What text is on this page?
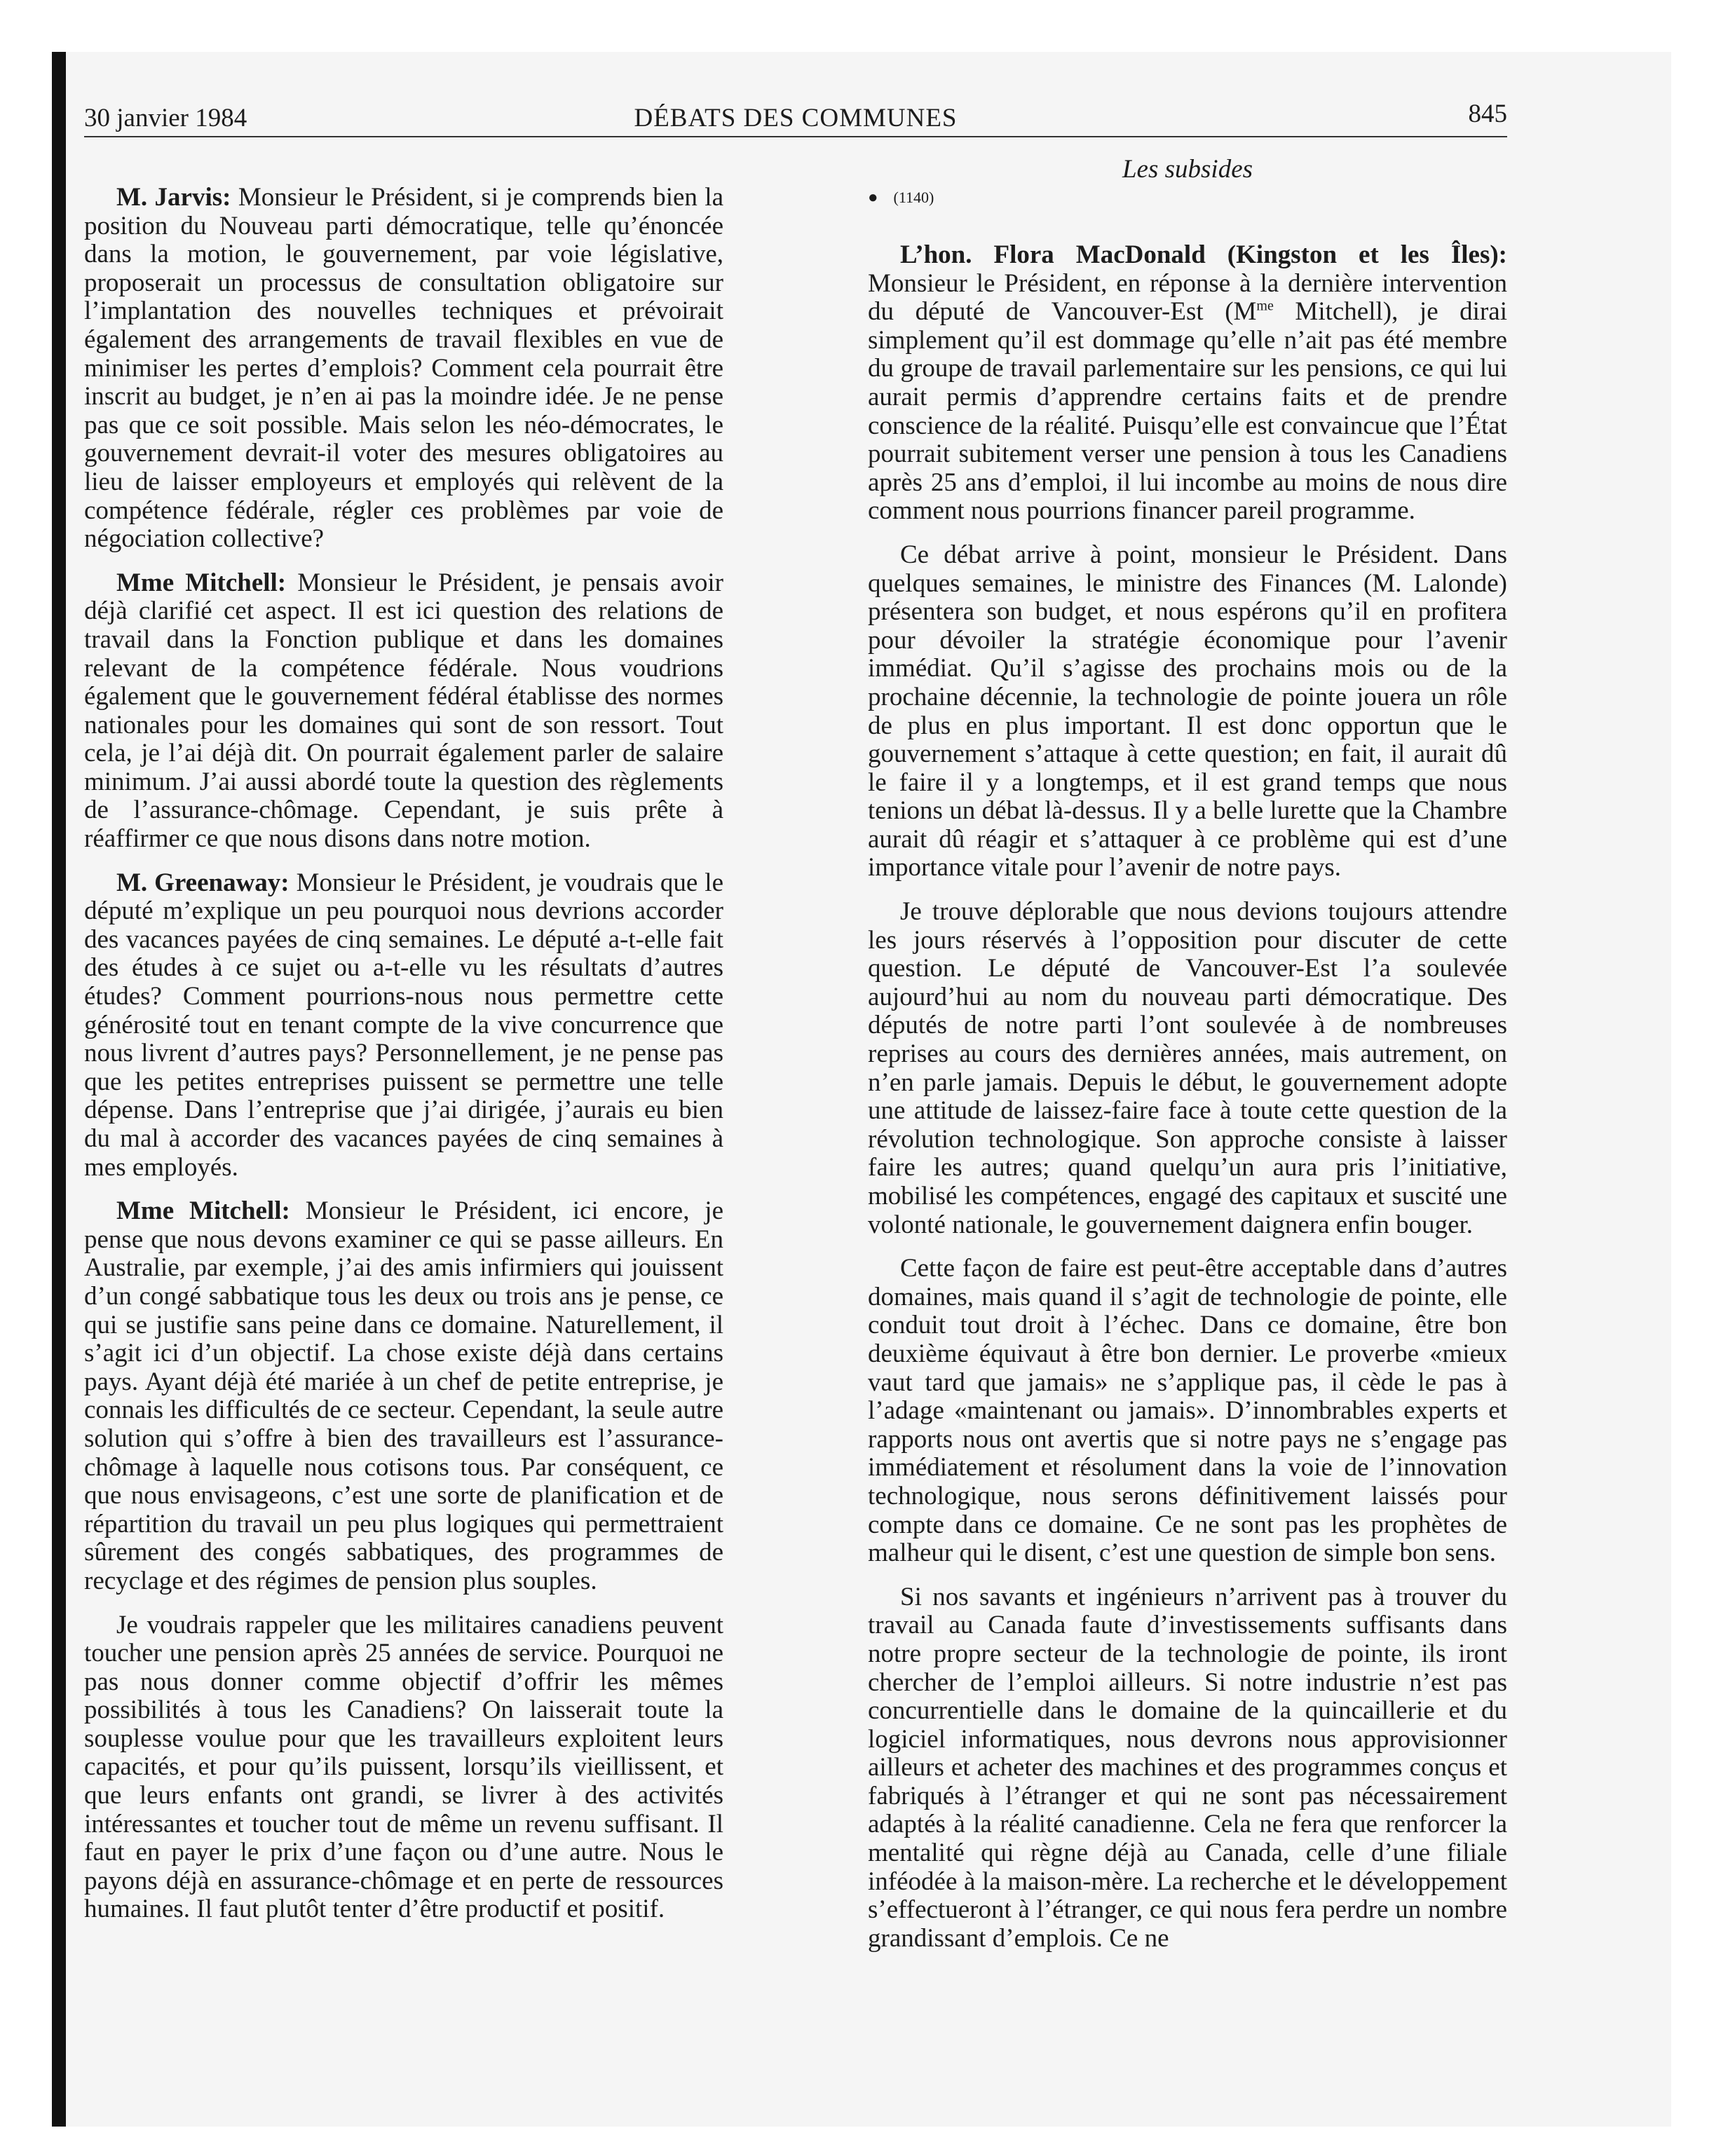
30 janvier 1984	DÉBATS DES COMMUNES	845
Les subsides

M. Jarvis: Monsieur le Président, si je comprends bien la position du Nouveau parti démocratique, telle qu’énoncée dans la motion, le gouvernement, par voie législative, proposerait un processus de consultation obligatoire sur l’implantation des nouvelles techniques et prévoirait également des arrangements de travail flexibles en vue de minimiser les pertes d’emplois? Comment cela pourrait être inscrit au budget, je n’en ai pas la moindre idée. Je ne pense pas que ce soit possible. Mais selon les néo-démocrates, le gouvernement devrait-il voter des mesures obligatoires au lieu de laisser employeurs et employés qui relèvent de la compétence fédérale, régler ces problèmes par voie de négociation collective?

Mme Mitchell: Monsieur le Président, je pensais avoir déjà clarifié cet aspect. Il est ici question des relations de travail dans la Fonction publique et dans les domaines relevant de la compétence fédérale. Nous voudrions également que le gouvernement fédéral établisse des normes nationales pour les domaines qui sont de son ressort. Tout cela, je l’ai déjà dit. On pourrait également parler de salaire minimum. J’ai aussi abordé toute la question des règlements de l’assurance-chômage. Cependant, je suis prête à réaffirmer ce que nous disons dans notre motion.

M. Greenaway: Monsieur le Président, je voudrais que le député m’explique un peu pourquoi nous devrions accorder des vacances payées de cinq semaines. Le député a-t-elle fait des études à ce sujet ou a-t-elle vu les résultats d’autres études? Comment pourrions-nous nous permettre cette générosité tout en tenant compte de la vive concurrence que nous livrent d’autres pays? Personnellement, je ne pense pas que les petites entreprises puissent se permettre une telle dépense. Dans l’entreprise que j’ai dirigée, j’aurais eu bien du mal à accorder des vacances payées de cinq semaines à mes employés.

Mme Mitchell: Monsieur le Président, ici encore, je pense que nous devons examiner ce qui se passe ailleurs. En Australie, par exemple, j’ai des amis infirmiers qui jouissent d’un congé sabbatique tous les deux ou trois ans je pense, ce qui se justifie sans peine dans ce domaine. Naturellement, il s’agit ici d’un objectif. La chose existe déjà dans certains pays. Ayant déjà été mariée à un chef de petite entreprise, je connais les difficultés de ce secteur. Cependant, la seule autre solution qui s’offre à bien des travailleurs est l’assurance-chômage à laquelle nous cotisons tous. Par conséquent, ce que nous envisageons, c’est une sorte de planification et de répartition du travail un peu plus logiques qui permettraient sûrement des congés sabbatiques, des programmes de recyclage et des régimes de pension plus souples.

Je voudrais rappeler que les militaires canadiens peuvent toucher une pension après 25 années de service. Pourquoi ne pas nous donner comme objectif d’offrir les mêmes possibilités à tous les Canadiens? On laisserait toute la souplesse voulue pour que les travailleurs exploitent leurs capacités, et pour qu’ils puissent, lorsqu’ils vieillissent, et que leurs enfants ont grandi, se livrer à des activités intéressantes et toucher tout de même un revenu suffisant. Il faut en payer le prix d’une façon ou d’une autre. Nous le payons déjà en assurance-chômage et en perte de ressources humaines. Il faut plutôt tenter d’être productif et positif.

● (1140)

L’hon. Flora MacDonald (Kingston et les Îles): Monsieur le Président, en réponse à la dernière intervention du député de Vancouver-Est ($M^{me}$ Mitchell), je dirai simplement qu’il est dommage qu’elle n’ait pas été membre du groupe de travail parlementaire sur les pensions, ce qui lui aurait permis d’apprendre certains faits et de prendre conscience de la réalité. Puisqu’elle est convaincue que l’État pourrait subitement verser une pension à tous les Canadiens après 25 ans d’emploi, il lui incombe au moins de nous dire comment nous pourrions financer pareil programme.

Ce débat arrive à point, monsieur le Président. Dans quelques semaines, le ministre des Finances (M. Lalonde) présentera son budget, et nous espérons qu’il en profitera pour dévoiler la stratégie économique pour l’avenir immédiat. Qu’il s’agisse des prochains mois ou de la prochaine décennie, la technologie de pointe jouera un rôle de plus en plus important. Il est donc opportun que le gouvernement s’attaque à cette question; en fait, il aurait dû le faire il y a longtemps, et il est grand temps que nous tenions un débat là-dessus. Il y a belle lurette que la Chambre aurait dû réagir et s’attaquer à ce problème qui est d’une importance vitale pour l’avenir de notre pays.

Je trouve déplorable que nous devions toujours attendre les jours réservés à l’opposition pour discuter de cette question. Le député de Vancouver-Est l’a soulevée aujourd’hui au nom du nouveau parti démocratique. Des députés de notre parti l’ont soulevée à de nombreuses reprises au cours des dernières années, mais autrement, on n’en parle jamais. Depuis le début, le gouvernement adopte une attitude de laissez-faire face à toute cette question de la révolution technologique. Son approche consiste à laisser faire les autres; quand quelqu’un aura pris l’initiative, mobilisé les compétences, engagé des capitaux et suscité une volonté nationale, le gouvernement daignera enfin bouger.

Cette façon de faire est peut-être acceptable dans d’autres domaines, mais quand il s’agit de technologie de pointe, elle conduit tout droit à l’échec. Dans ce domaine, être bon deuxième équivaut à être bon dernier. Le proverbe «mieux vaut tard que jamais» ne s’applique pas, il cède le pas à l’adage «maintenant ou jamais». D’innombrables experts et rapports nous ont avertis que si notre pays ne s’engage pas immédiatement et résolument dans la voie de l’innovation technologique, nous serons définitivement laissés pour compte dans ce domaine. Ce ne sont pas les prophètes de malheur qui le disent, c’est une question de simple bon sens.

Si nos savants et ingénieurs n’arrivent pas à trouver du travail au Canada faute d’investissements suffisants dans notre propre secteur de la technologie de pointe, ils iront chercher de l’emploi ailleurs. Si notre industrie n’est pas concurrentielle dans le domaine de la quincaillerie et du logiciel informatiques, nous devrons nous approvisionner ailleurs et acheter des machines et des programmes conçus et fabriqués à l’étranger et qui ne sont pas nécessairement adaptés à la réalité canadienne. Cela ne fera que renforcer la mentalité qui règne déjà au Canada, celle d’une filiale inféodée à la maison-mère. La recherche et le développement s’effectueront à l’étranger, ce qui nous fera perdre un nombre grandissant d’emplois. Ce ne
